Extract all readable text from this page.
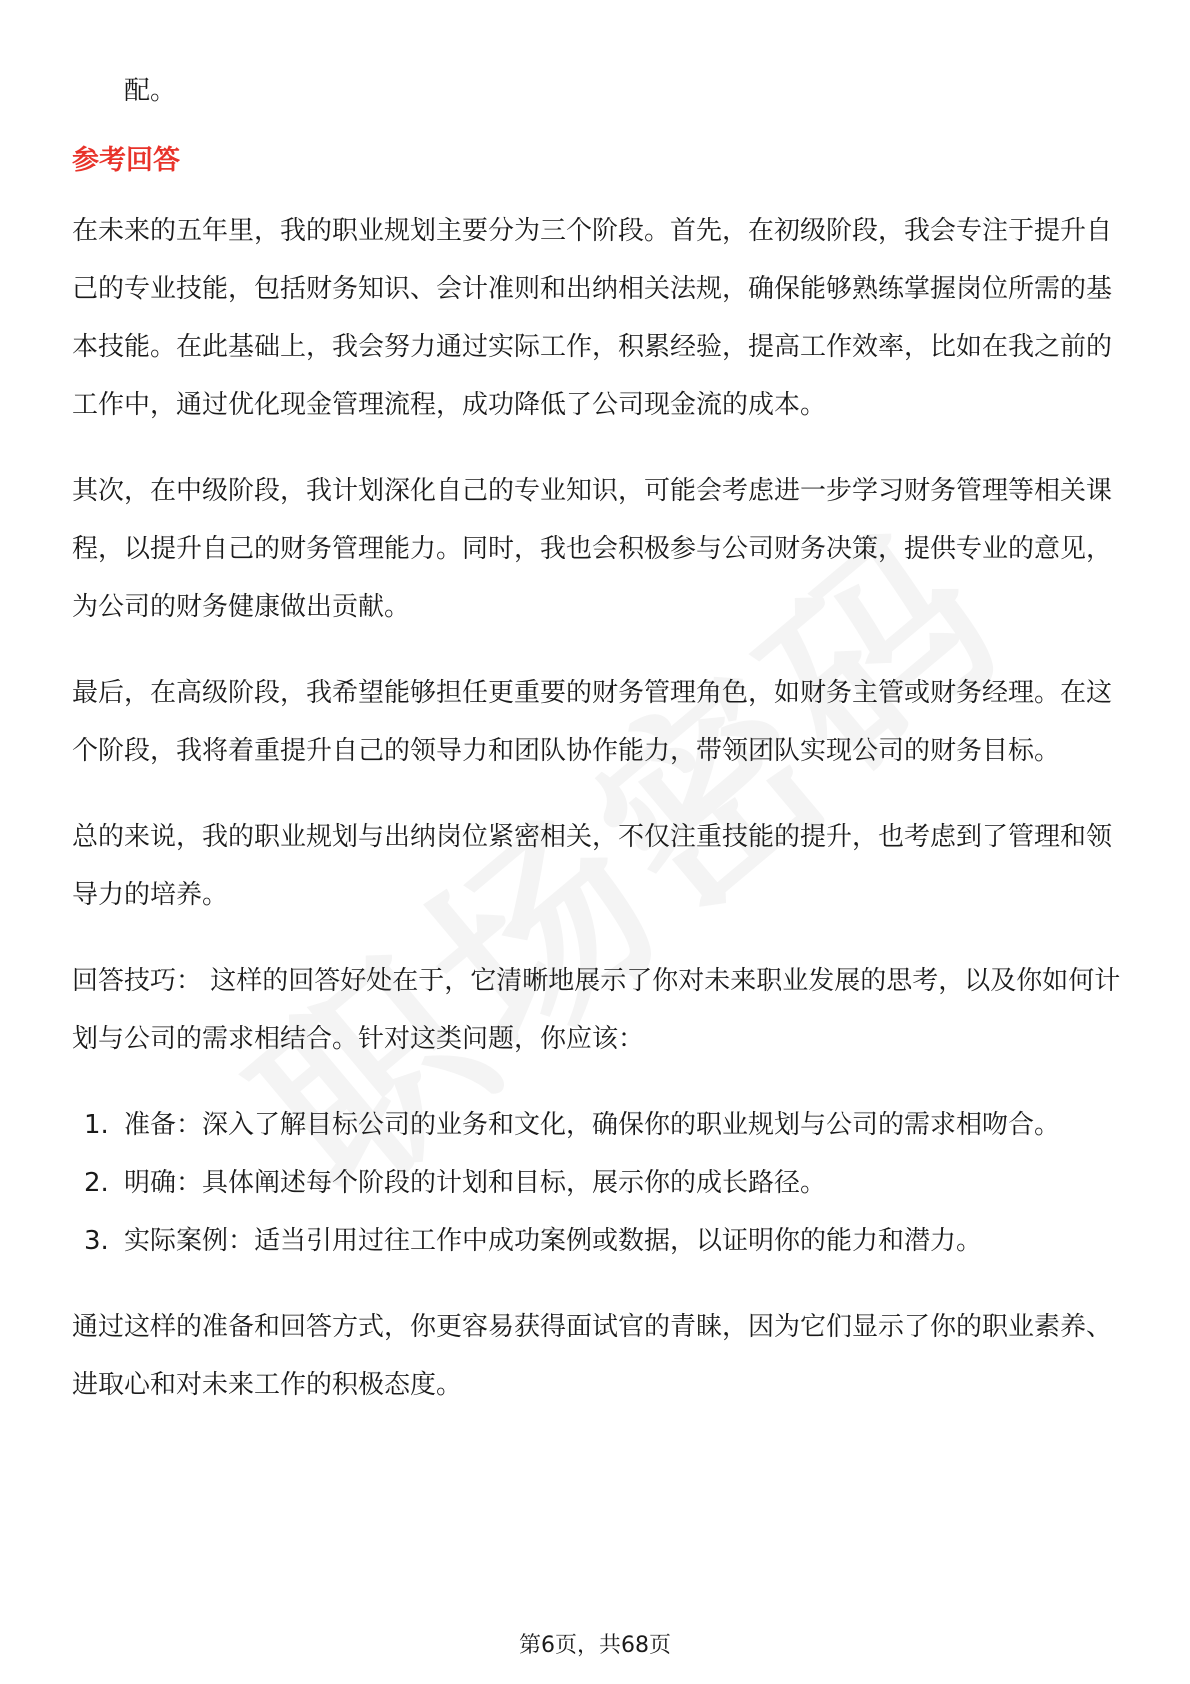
配。

参考回答

在未来的五年里，我的职业规划主要分为三个阶段。首先，在初级阶段，我会专注于提升自己的专业技能，包括财务知识、会计准则和出纳相关法规，确保能够熟练掌握岗位所需的基本技能。在此基础上，我会努力通过实际工作，积累经验，提高工作效率，比如在我之前的工作中，通过优化现金管理流程，成功降低了公司现金流的成本。

其次，在中级阶段，我计划深化自己的专业知识，可能会考虑进一步学习财务管理等相关课程，以提升自己的财务管理能力。同时，我也会积极参与公司财务决策，提供专业的意见，为公司的财务健康做出贡献。

最后，在高级阶段，我希望能够担任更重要的财务管理角色，如财务主管或财务经理。在这个阶段，我将着重提升自己的领导力和团队协作能力，带领团队实现公司的财务目标。

总的来说，我的职业规划与出纳岗位紧密相关，不仅注重技能的提升，也考虑到了管理和领导力的培养。

回答技巧： 这样的回答好处在于，它清晰地展示了你对未来职业发展的思考，以及你如何计划与公司的需求相结合。针对这类问题，你应该：

1. 准备：深入了解目标公司的业务和文化，确保你的职业规划与公司的需求相吻合。
2. 明确：具体阐述每个阶段的计划和目标，展示你的成长路径。
3. 实际案例：适当引用过往工作中成功案例或数据，以证明你的能力和潜力。

通过这样的准备和回答方式，你更容易获得面试官的青睐，因为它们显示了你的职业素养、进取心和对未来工作的积极态度。

第6页，共68页
